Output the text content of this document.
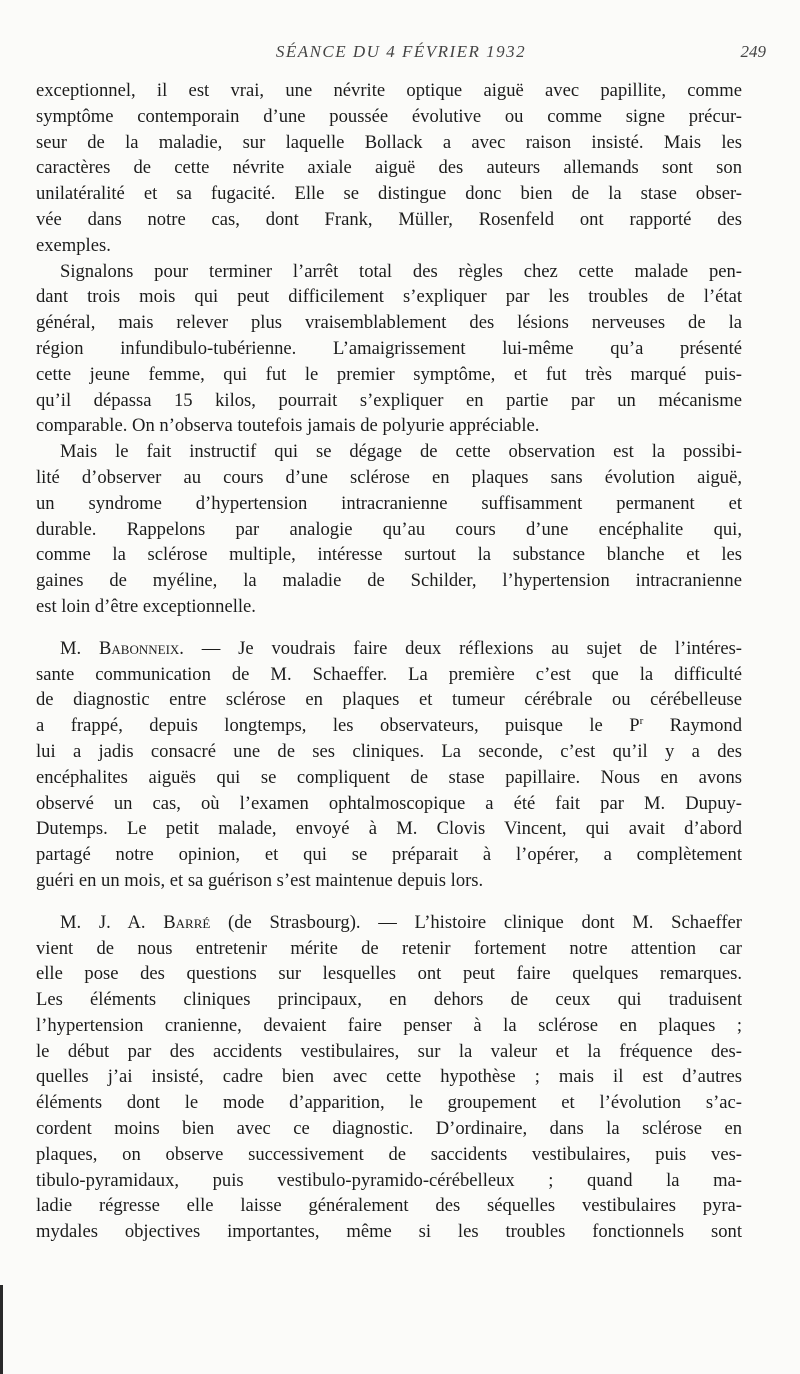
SÉANCE DU 4 FÉVRIER 1932	249
exceptionnel, il est vrai, une névrite optique aiguë avec papillite, comme
symptôme contemporain d’une poussée évolutive ou comme signe précur-
seur de la maladie, sur laquelle Bollack a avec raison insisté. Mais les
caractères de cette névrite axiale aiguë des auteurs allemands sont son
unilatéralité et sa fugacité. Elle se distingue donc bien de la stase obser-
vée dans notre cas, dont Frank, Müller, Rosenfeld ont rapporté des
exemples.
Signalons pour terminer l’arrêt total des règles chez cette malade pen-
dant trois mois qui peut difficilement s’expliquer par les troubles de l’état
général, mais relever plus vraisemblablement des lésions nerveuses de la
région infundibulo-tubérienne. L’amaigrissement lui-même qu’a présenté
cette jeune femme, qui fut le premier symptôme, et fut très marqué puis-
qu’il dépassa 15 kilos, pourrait s’expliquer en partie par un mécanisme
comparable. On n’observa toutefois jamais de polyurie appréciable.
Mais le fait instructif qui se dégage de cette observation est la possibi-
lité d’observer au cours d’une sclérose en plaques sans évolution aiguë,
un syndrome d’hypertension intracranienne suffisamment permanent et
durable. Rappelons par analogie qu’au cours d’une encéphalite qui,
comme la sclérose multiple, intéresse surtout la substance blanche et les
gaines de myéline, la maladie de Schilder, l’hypertension intracranienne
est loin d’être exceptionnelle.
M. Babonneix. — Je voudrais faire deux réflexions au sujet de l’intéres-
sante communication de M. Schaeffer. La première c’est que la difficulté
de diagnostic entre sclérose en plaques et tumeur cérébrale ou cérébelleuse
a frappé, depuis longtemps, les observateurs, puisque le $P^r$ Raymond
lui a jadis consacré une de ses cliniques. La seconde, c’est qu’il y a des
encéphalites aiguës qui se compliquent de stase papillaire. Nous en avons
observé un cas, où l’examen ophtalmoscopique a été fait par M. Dupuy-
Dutemps. Le petit malade, envoyé à M. Clovis Vincent, qui avait d’abord
partagé notre opinion, et qui se préparait à l’opérer, a complètement
guéri en un mois, et sa guérison s’est maintenue depuis lors.
M. J. A. Barré (de Strasbourg). — L’histoire clinique dont M. Schaeffer
vient de nous entretenir mérite de retenir fortement notre attention car
elle pose des questions sur lesquelles ont peut faire quelques remarques.
Les éléments cliniques principaux, en dehors de ceux qui traduisent
l’hypertension cranienne, devaient faire penser à la sclérose en plaques ;
le début par des accidents vestibulaires, sur la valeur et la fréquence des-
quelles j’ai insisté, cadre bien avec cette hypothèse ; mais il est d’autres
éléments dont le mode d’apparition, le groupement et l’évolution s’ac-
cordent moins bien avec ce diagnostic. D’ordinaire, dans la sclérose en
plaques, on observe successivement de saccidents vestibulaires, puis ves-
tibulo-pyramidaux, puis vestibulo-pyramido-cérébelleux ; quand la ma-
ladie régresse elle laisse généralement des séquelles vestibulaires pyra-
mydales objectives importantes, même si les troubles fonctionnels sont
